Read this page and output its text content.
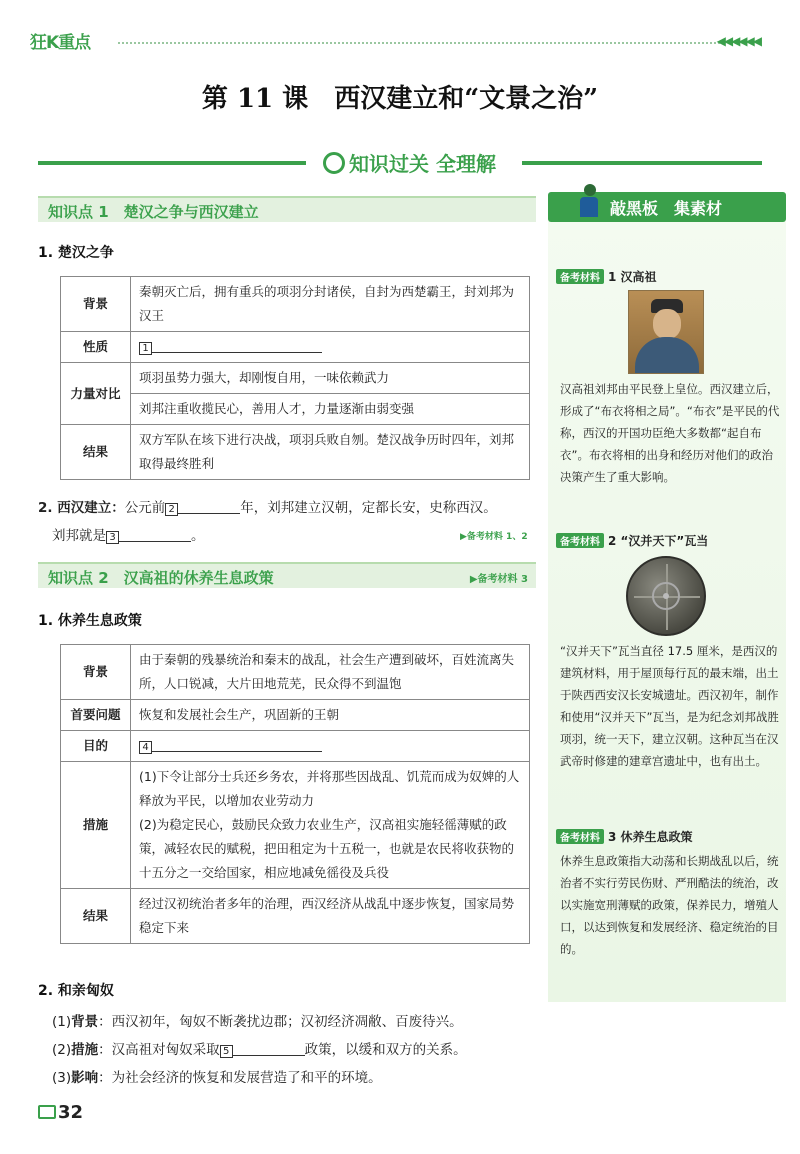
狂K重点	◀◀◀◀◀◀
第 11 课 西汉建立和“文景之治”
知识过关 全理解
知识点 1　楚汉之争与西汉建立
1. 楚汉之争
背景	秦朝灭亡后，拥有重兵的项羽分封诸侯，自封为西楚霸王，封刘邦为汉王
性质	1
力量对比	项羽虽势力强大，却刚愎自用，一味依赖武力
	刘邦注重收揽民心，善用人才，力量逐渐由弱变强
结果	双方军队在垓下进行决战，项羽兵败自刎。楚汉战争历时四年，刘邦取得最终胜利
2. 西汉建立：公元前 2	年，刘邦建立汉朝，定都长安，史称西汉。
刘邦就是 3	。	▶备考材料 1、2
知识点 2　汉高祖的休养生息政策	▶备考材料 3
1. 休养生息政策
背景	由于秦朝的残暴统治和秦末的战乱，社会生产遭到破坏，百姓流离失所，人口锐减，大片田地荒芜，民众得不到温饱
首要问题	恢复和发展社会生产，巩固新的王朝
目的	4
措施	(1)下令让部分士兵还乡务农，并将那些因战乱、饥荒而成为奴婢的人释放为平民，以增加农业劳动力
(2)为稳定民心，鼓励民众致力农业生产，汉高祖实施轻徭薄赋的政策，减轻农民的赋税，把田租定为十五税一，也就是农民将收获物的十五分之一交给国家，相应地减免徭役及兵役

结果	经过汉初统治者多年的治理，西汉经济从战乱中逐步恢复，国家局势稳定下来
2. 和亲匈奴
(1)背景：西汉初年，匈奴不断袭扰边郡；汉初经济凋敝、百废待兴。
(2)措施：汉高祖对匈奴采取 5	政策，以缓和双方的关系。
(3)影响：为社会经济的恢复和发展营造了和平的环境。
32
敲黑板　集素材
备考材料 1 汉高祖
汉高祖刘邦由平民登上皇位。西汉建立后，形成了“布衣将相之局”。“布衣”是平民的代称，西汉的开国功臣绝大多数都“起自布衣”。布衣将相的出身和经历对他们的政治决策产生了重大影响。
备考材料 2 “汉并天下”瓦当
“汉并天下”瓦当直径 17.5 厘米，是西汉的建筑材料，用于屋顶每行瓦的最末端，出土于陕西西安汉长安城遗址。西汉初年，制作和使用“汉并天下”瓦当，是为纪念刘邦战胜项羽，统一天下，建立汉朝。这种瓦当在汉武帝时修建的建章宫遗址中，也有出土。
备考材料 3 休养生息政策
休养生息政策指大动荡和长期战乱以后，统治者不实行劳民伤财、严刑酷法的统治，改以实施宽刑薄赋的政策，保养民力，增殖人口，以达到恢复和发展经济、稳定统治的目的。
